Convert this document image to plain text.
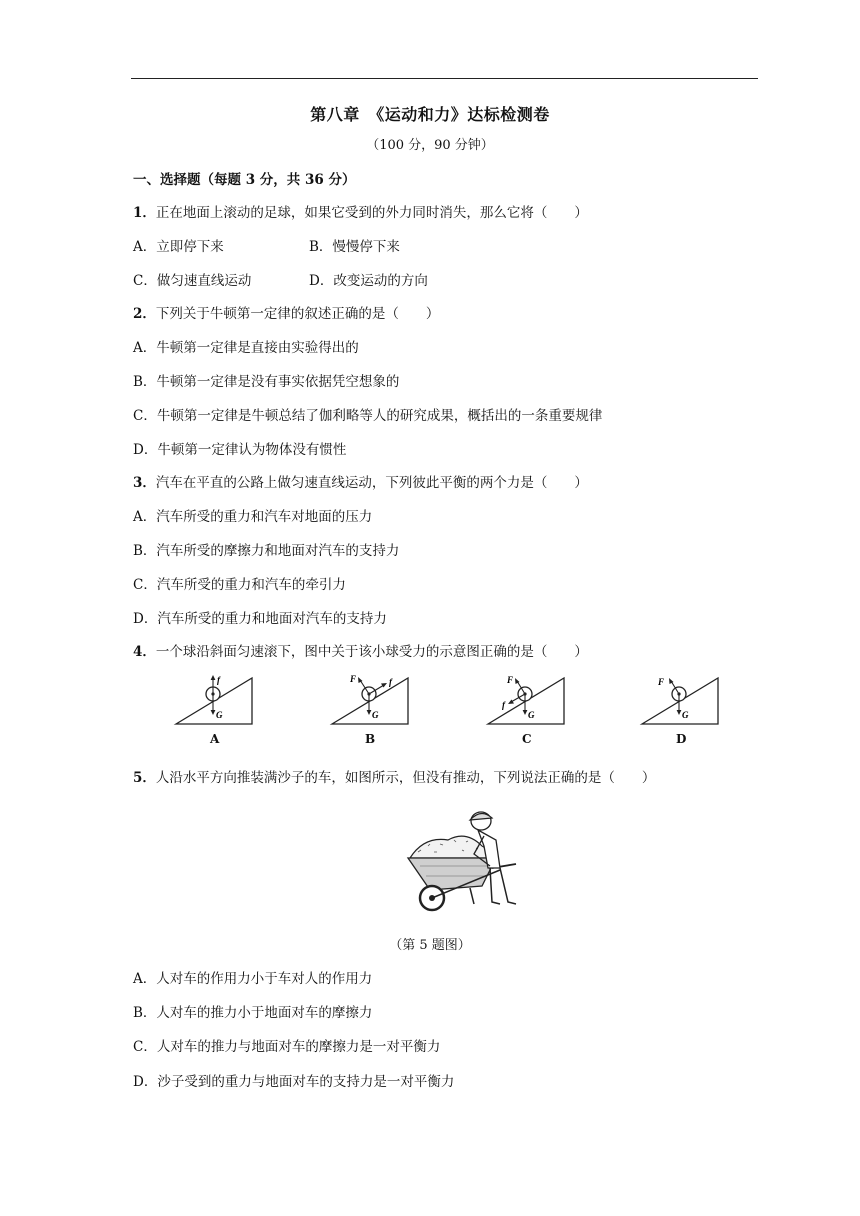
第八章　《运动和力》达标检测卷
（100 分，90 分钟）
一、选择题（每题 3 分，共 36 分）
1．正在地面上滚动的足球，如果它受到的外力同时消失，那么它将（　　）
A．立即停下来	B．慢慢停下来
C．做匀速直线运动	D．改变运动的方向
2．下列关于牛顿第一定律的叙述正确的是（　　）
A．牛顿第一定律是直接由实验得出的
B．牛顿第一定律是没有事实依据凭空想象的
C．牛顿第一定律是牛顿总结了伽利略等人的研究成果，概括出的一条重要规律
D．牛顿第一定律认为物体没有惯性
3．汽车在平直的公路上做匀速直线运动，下列彼此平衡的两个力是（　　）
A．汽车所受的重力和汽车对地面的压力
B．汽车所受的摩擦力和地面对汽车的支持力
C．汽车所受的重力和汽车的牵引力
D．汽车所受的重力和地面对汽车的支持力
4．一个球沿斜面匀速滚下，图中关于该小球受力的示意图正确的是（　　）
f
G
A
F	f
G
B
F
f
G
C
F
G
D
5．人沿水平方向推装满沙子的车，如图所示，但没有推动，下列说法正确的是（　　）
（第 5 题图）
A．人对车的作用力小于车对人的作用力
B．人对车的推力小于地面对车的摩擦力
C．人对车的推力与地面对车的摩擦力是一对平衡力
D．沙子受到的重力与地面对车的支持力是一对平衡力
